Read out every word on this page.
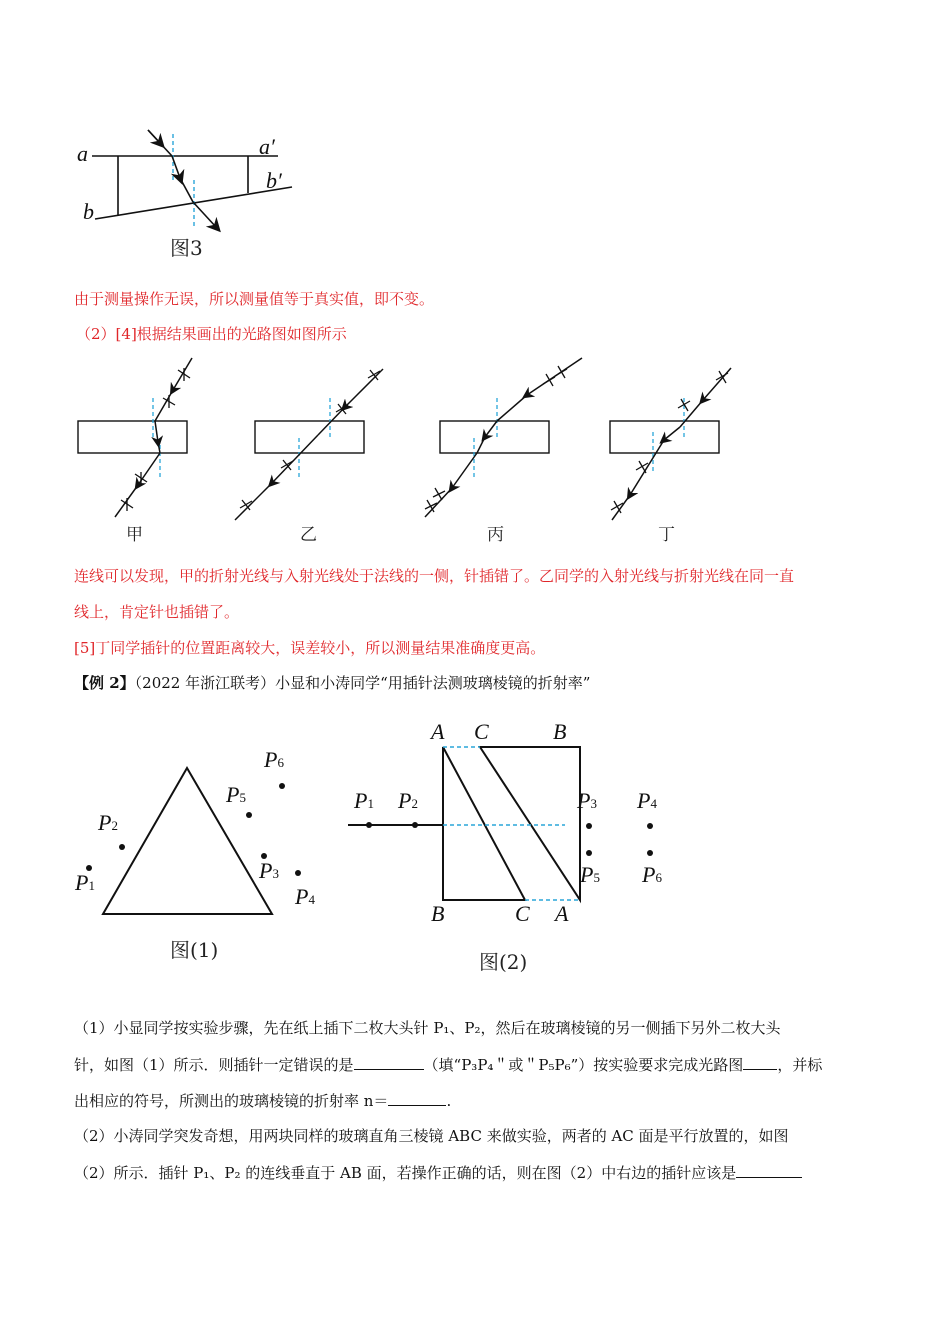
a	a′
b
b′
图3
由于测量操作无误，所以测量值等于真实值，即不变。
（2）[4]根据结果画出的光路图如图所示
甲	乙	丙	丁
连线可以发现，甲的折射光线与入射光线处于法线的一侧，针插错了。乙同学的入射光线与折射光线在同一直
线上，肯定针也插错了。
[5]丁同学插针的位置距离较大，误差较小，所以测量结果准确度更高。
【例 2】（2022 年浙江联考）小显和小涛同学“用插针法测玻璃棱镜的折射率”
P1
P2
P3
P4
P5
P6
图(1)
A C	B
B	C A
P1 P2	P3 P4
P5 P6
图(2)
（1）小显同学按实验步骤，先在纸上插下二枚大头针 P₁、P₂，然后在玻璃棱镜的另一侧插下另外二枚大头
针，如图（1）所示．则插针一定错误的是	（填“P₃P₄＂或＂P₅P₆”）按实验要求完成光路图 ，并标
出相应的符号，所测出的玻璃棱镜的折射率 n＝	.
（2）小涛同学突发奇想，用两块同样的玻璃直角三棱镜 ABC 来做实验，两者的 AC 面是平行放置的，如图
（2）所示．插针 P₁、P₂ 的连线垂直于 AB 面，若操作正确的话，则在图（2）中右边的插针应该是
